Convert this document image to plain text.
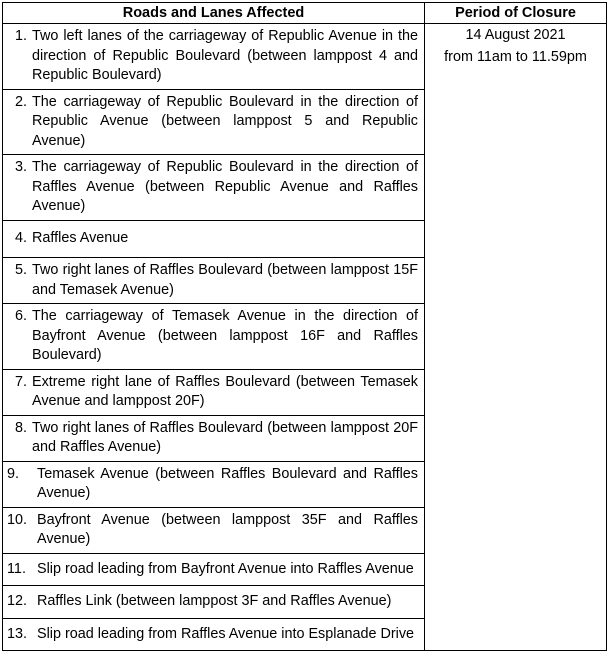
Roads and Lanes Affected	Period of Closure

1. Two left lanes of the carriageway of Republic Avenue in the direction of Republic Boulevard (between lamppost 4 and Republic Boulevard)	14 August 2021
from 11am to 11.59pm

2. The carriageway of Republic Boulevard in the direction of Republic Avenue (between lamppost 5 and Republic Avenue)	

3. The carriageway of Republic Boulevard in the direction of Raffles Avenue (between Republic Avenue and Raffles Avenue)	

4. Raffles Avenue	

5. Two right lanes of Raffles Boulevard (between lamppost 15F and Temasek Avenue)	

6. The carriageway of Temasek Avenue in the direction of Bayfront Avenue (between lamppost 16F and Raffles Boulevard)	

7. Extreme right lane of Raffles Boulevard (between Temasek Avenue and lamppost 20F)	

8. Two right lanes of Raffles Boulevard (between lamppost 20F and Raffles Avenue)	

9. Temasek Avenue (between Raffles Boulevard and Raffles Avenue)	

10. Bayfront Avenue (between lamppost 35F and Raffles Avenue)	

11. Slip road leading from Bayfront Avenue into Raffles Avenue	

12. Raffles Link (between lamppost 3F and Raffles Avenue)	

13. Slip road leading from Raffles Avenue into Esplanade Drive	
